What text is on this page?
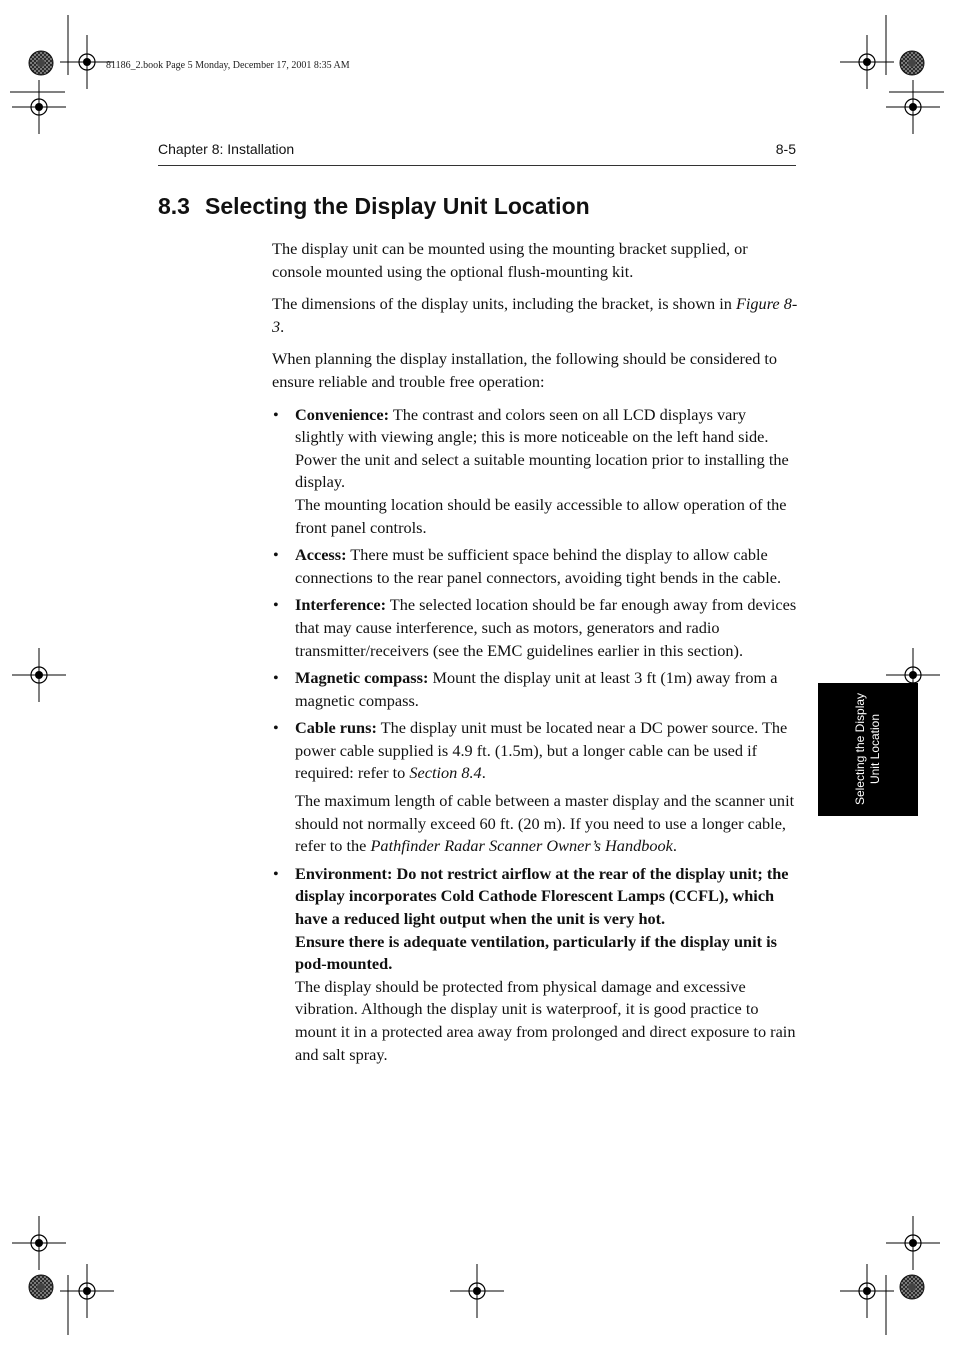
81186_2.book Page 5 Monday, December 17, 2001 8:35 AM
Chapter 8: Installation	8-5
8.3 Selecting the Display Unit Location

The display unit can be mounted using the mounting bracket supplied, or console mounted using the optional flush-mounting kit.

The dimensions of the display units, including the bracket, is shown in Figure 8-3.

When planning the display installation, the following should be considered to ensure reliable and trouble free operation:

• Convenience: The contrast and colors seen on all LCD displays vary slightly with viewing angle; this is more noticeable on the left hand side. Power the unit and select a suitable mounting location prior to installing the display.
The mounting location should be easily accessible to allow operation of the front panel controls.
• Access: There must be sufficient space behind the display to allow cable connections to the rear panel connectors, avoiding tight bends in the cable.
• Interference: The selected location should be far enough away from devices that may cause interference, such as motors, generators and radio transmitter/receivers (see the EMC guidelines earlier in this section).
• Magnetic compass: Mount the display unit at least 3 ft (1m) away from a magnetic compass.
• Cable runs: The display unit must be located near a DC power source. The power cable supplied is 4.9 ft. (1.5m), but a longer cable can be used if required: refer to Section 8.4.
The maximum length of cable between a master display and the scanner unit should not normally exceed 60 ft. (20 m). If you need to use a longer cable, refer to the Pathfinder Radar Scanner Owner’s Handbook.
• Environment: Do not restrict airflow at the rear of the display unit; the display incorporates Cold Cathode Florescent Lamps (CCFL), which have a reduced light output when the unit is very hot.
Ensure there is adequate ventilation, particularly if the display unit is pod-mounted.
The display should be protected from physical damage and excessive vibration. Although the display unit is waterproof, it is good practice to mount it in a protected area away from prolonged and direct exposure to rain and salt spray.
Selecting the Display Unit Location
